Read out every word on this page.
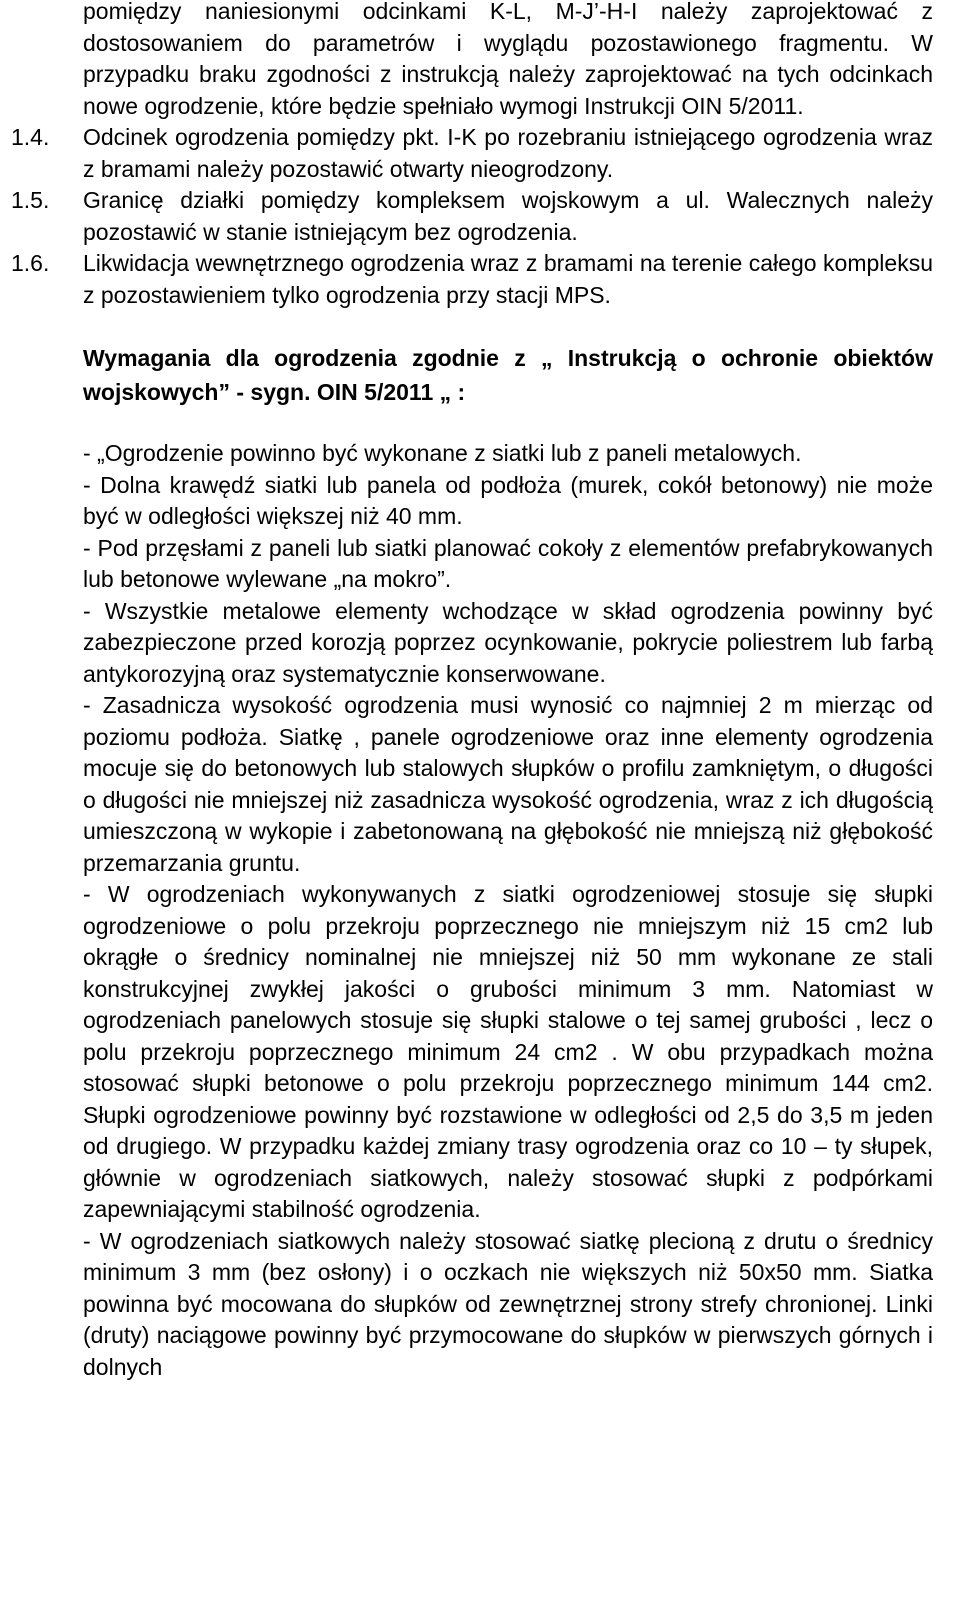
pomiędzy naniesionymi odcinkami K-L, M-J’-H-I należy zaprojektować z dostosowaniem do parametrów i wyglądu pozostawionego fragmentu. W przypadku braku zgodności z instrukcją należy zaprojektować na tych odcinkach nowe ogrodzenie, które będzie spełniało wymogi Instrukcji OIN 5/2011.

1.4.	Odcinek ogrodzenia pomiędzy pkt. I-K po rozebraniu istniejącego ogrodzenia wraz z bramami należy pozostawić otwarty nieogrodzony.

1.5.	Granicę działki pomiędzy kompleksem wojskowym a ul. Walecznych należy pozostawić w stanie istniejącym bez ogrodzenia.

1.6.	Likwidacja wewnętrznego ogrodzenia wraz z bramami na terenie całego kompleksu z pozostawieniem tylko ogrodzenia przy stacji MPS.

Wymagania dla ogrodzenia zgodnie z „ Instrukcją o ochronie obiektów wojskowych” - sygn. OIN 5/2011 „ :

- „Ogrodzenie powinno być wykonane z siatki lub z paneli metalowych.

- Dolna krawędź siatki lub panela od podłoża (murek, cokół betonowy) nie może być w odległości większej niż 40 mm.

- Pod przęsłami z paneli lub siatki planować cokoły z elementów prefabrykowanych lub betonowe wylewane „na mokro”.

- Wszystkie metalowe elementy wchodzące w skład ogrodzenia powinny być zabezpieczone przed korozją poprzez ocynkowanie, pokrycie poliestrem lub farbą antykorozyjną oraz systematycznie konserwowane.

- Zasadnicza wysokość ogrodzenia musi wynosić co najmniej 2 m mierząc od poziomu podłoża. Siatkę , panele ogrodzeniowe oraz inne elementy ogrodzenia mocuje się do betonowych lub stalowych słupków o profilu zamkniętym, o długości o długości nie mniejszej niż zasadnicza wysokość ogrodzenia, wraz z ich długością umieszczoną w wykopie i zabetonowaną na głębokość nie mniejszą niż głębokość przemarzania gruntu.

- W ogrodzeniach wykonywanych z siatki ogrodzeniowej stosuje się słupki ogrodzeniowe o polu przekroju poprzecznego nie mniejszym niż 15 cm2 lub okrągłe o średnicy nominalnej nie mniejszej niż 50 mm wykonane ze stali konstrukcyjnej zwykłej jakości o grubości minimum 3 mm. Natomiast w ogrodzeniach panelowych stosuje się słupki stalowe o tej samej grubości , lecz o polu przekroju poprzecznego minimum 24 cm2 . W obu przypadkach można stosować słupki betonowe o polu przekroju poprzecznego minimum 144 cm2. Słupki ogrodzeniowe powinny być rozstawione w odległości od 2,5 do 3,5 m jeden od drugiego. W przypadku każdej zmiany trasy ogrodzenia oraz co 10 – ty słupek, głównie w ogrodzeniach siatkowych, należy stosować słupki z podpórkami zapewniającymi stabilność ogrodzenia.

- W ogrodzeniach siatkowych należy stosować siatkę plecioną z drutu o średnicy minimum 3 mm (bez osłony) i o oczkach nie większych niż 50x50 mm. Siatka powinna być mocowana do słupków od zewnętrznej strony strefy chronionej. Linki (druty) naciągowe powinny być przymocowane do słupków w pierwszych górnych i dolnych
